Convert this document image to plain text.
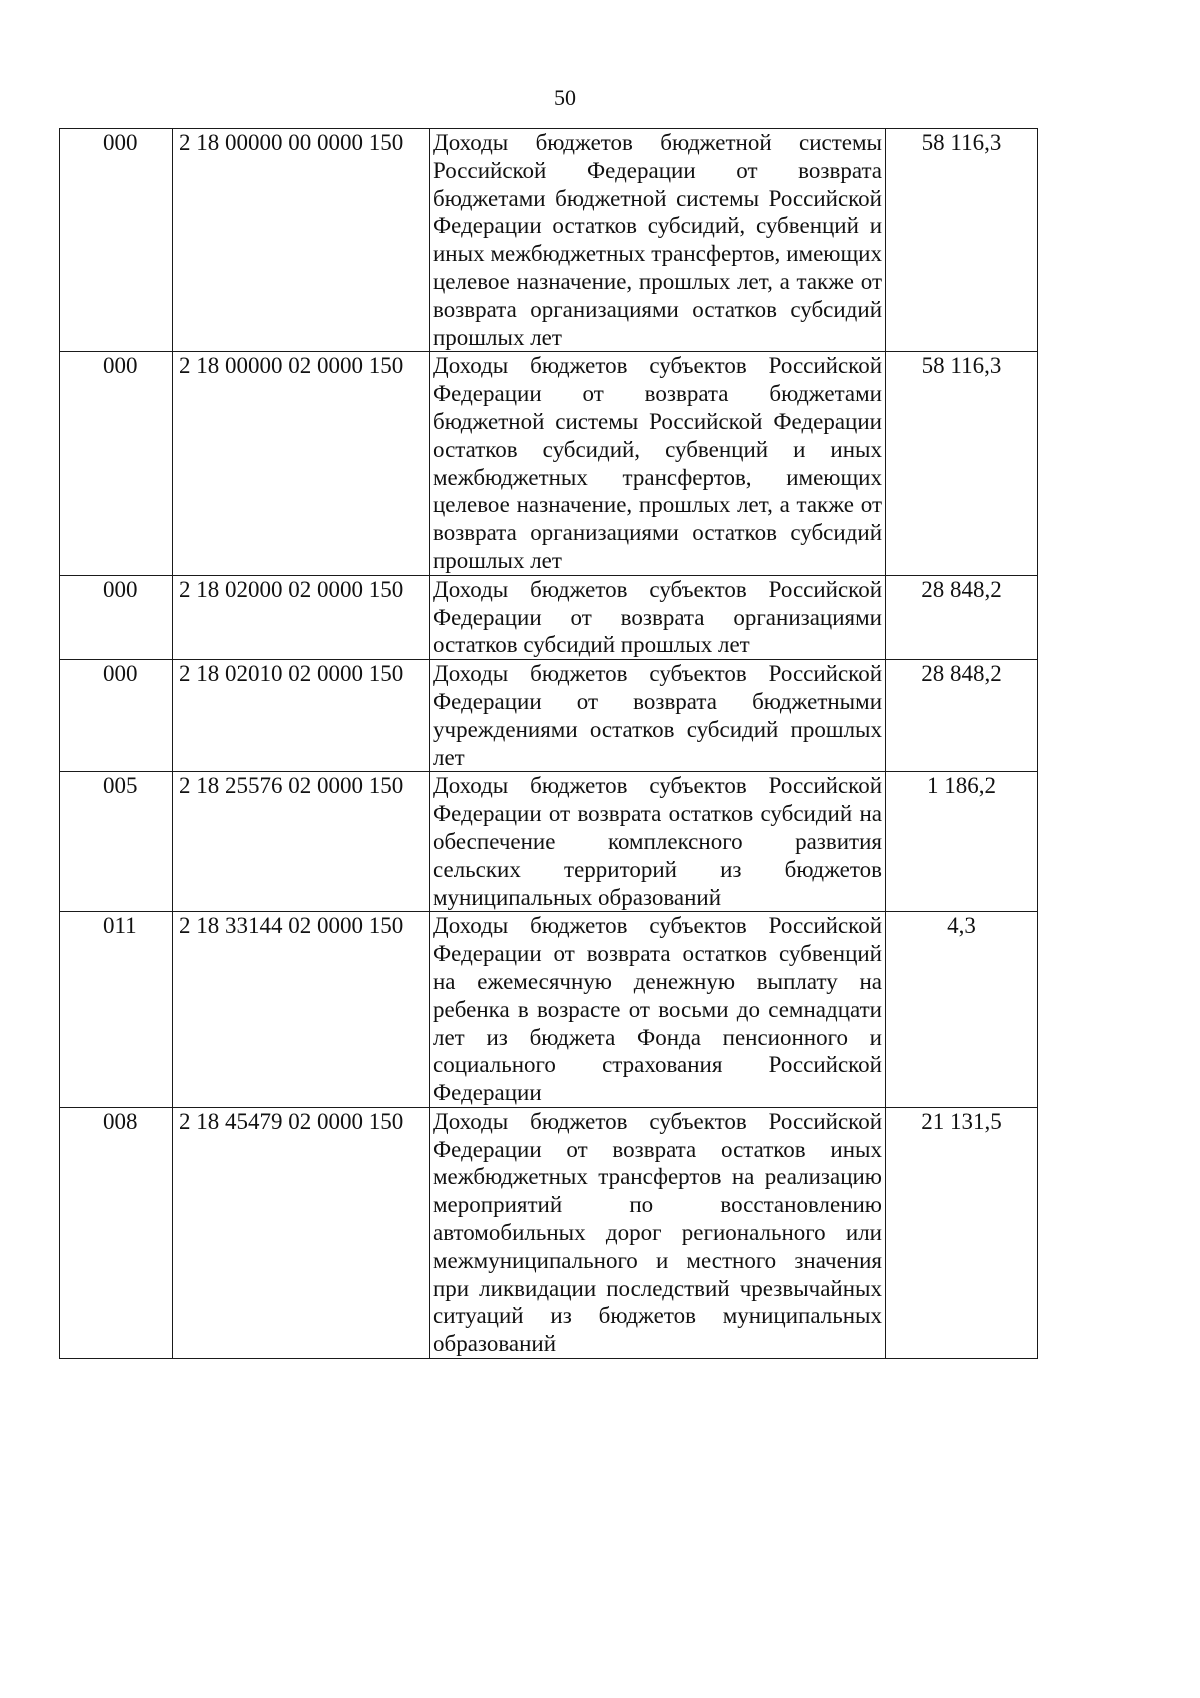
50
000	2 18 00000 00 0000 150	Доходы бюджетов бюджетной системы Российской Федерации от возврата бюджетами бюджетной системы Российской Федерации остатков субсидий, субвенций и иных межбюджетных трансфертов, имеющих целевое назначение, прошлых лет, а также от возврата организациями остатков субсидий прошлых лет	58 116,3
000	2 18 00000 02 0000 150	Доходы бюджетов субъектов Российской Федерации от возврата бюджетами бюджетной системы Российской Федерации остатков субсидий, субвенций и иных межбюджетных трансфертов, имеющих целевое назначение, прошлых лет, а также от возврата организациями остатков субсидий прошлых лет	58 116,3
000	2 18 02000 02 0000 150	Доходы бюджетов субъектов Российской Федерации от возврата организациями остатков субсидий прошлых лет	28 848,2
000	2 18 02010 02 0000 150	Доходы бюджетов субъектов Российской Федерации от возврата бюджетными учреждениями остатков субсидий прошлых лет	28 848,2
005	2 18 25576 02 0000 150	Доходы бюджетов субъектов Российской Федерации от возврата остатков субсидий на обеспечение комплексного развития сельских территорий из бюджетов муниципальных образований	1 186,2
011	2 18 33144 02 0000 150	Доходы бюджетов субъектов Российской Федерации от возврата остатков субвенций на ежемесячную денежную выплату на ребенка в возрасте от восьми до семнадцати лет из бюджета Фонда пенсионного и социального страхования Российской Федерации	4,3
008	2 18 45479 02 0000 150	Доходы бюджетов субъектов Российской Федерации от возврата остатков иных межбюджетных трансфертов на реализацию мероприятий по восстановлению автомобильных дорог регионального или межмуниципального и местного значения при ликвидации последствий чрезвычайных ситуаций из бюджетов муниципальных образований	21 131,5
